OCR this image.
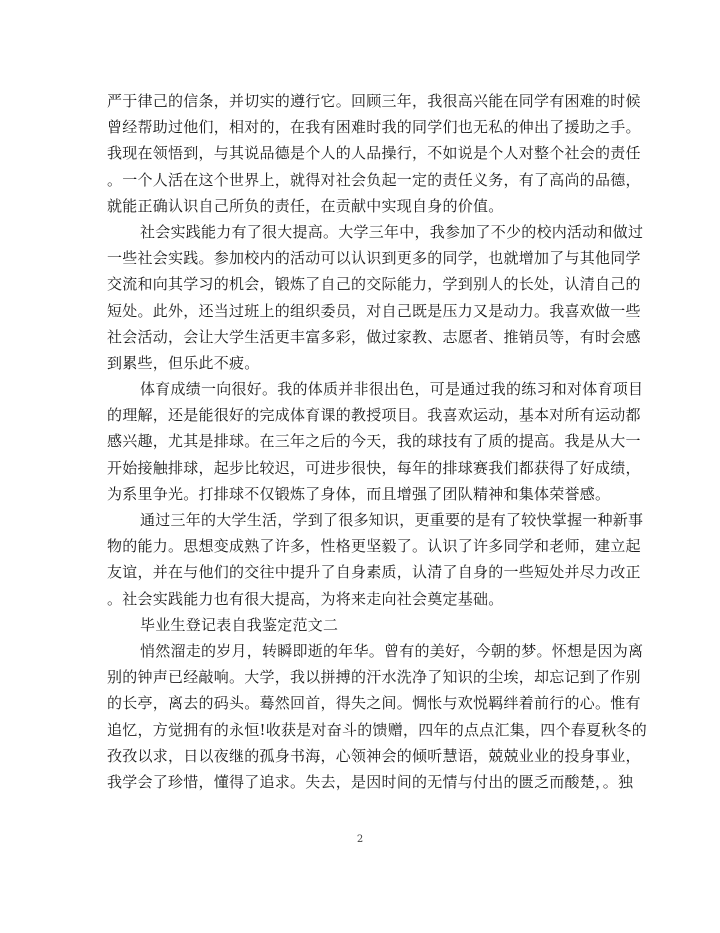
严于律己的信条，并切实的遵行它。回顾三年，我很高兴能在同学有困难的时候
曾经帮助过他们，相对的，在我有困难时我的同学们也无私的伸出了援助之手。
我现在领悟到，与其说品德是个人的人品操行，不如说是个人对整个社会的责任
。一个人活在这个世界上，就得对社会负起一定的责任义务，有了高尚的品德，
就能正确认识自己所负的责任，在贡献中实现自身的价值。
社会实践能力有了很大提高。大学三年中，我参加了不少的校内活动和做过
一些社会实践。参加校内的活动可以认识到更多的同学，也就增加了与其他同学
交流和向其学习的机会，锻炼了自己的交际能力，学到别人的长处，认清自己的
短处。此外，还当过班上的组织委员，对自己既是压力又是动力。我喜欢做一些
社会活动，会让大学生活更丰富多彩，做过家教、志愿者、推销员等，有时会感
到累些，但乐此不疲。
体育成绩一向很好。我的体质并非很出色，可是通过我的练习和对体育项目
的理解，还是能很好的完成体育课的教授项目。我喜欢运动，基本对所有运动都
感兴趣，尤其是排球。在三年之后的今天，我的球技有了质的提高。我是从大一
开始接触排球，起步比较迟，可进步很快，每年的排球赛我们都获得了好成绩，
为系里争光。打排球不仅锻炼了身体，而且增强了团队精神和集体荣誉感。
通过三年的大学生活，学到了很多知识，更重要的是有了较快掌握一种新事
物的能力。思想变成熟了许多，性格更坚毅了。认识了许多同学和老师，建立起
友谊，并在与他们的交往中提升了自身素质，认清了自身的一些短处并尽力改正
。社会实践能力也有很大提高，为将来走向社会奠定基础。
毕业生登记表自我鉴定范文二
悄然溜走的岁月，转瞬即逝的年华。曾有的美好，今朝的梦。怀想是因为离
别的钟声已经敲响。大学，我以拼搏的汗水洗净了知识的尘埃，却忘记到了作别
的长亭，离去的码头。蓦然回首，得失之间。惆怅与欢悦羁绊着前行的心。惟有
追忆，方觉拥有的永恒!收获是对奋斗的馈赠，四年的点点汇集，四个春夏秋冬的
孜孜以求，日以夜继的孤身书海，心领神会的倾听慧语，兢兢业业的投身事业，
我学会了珍惜，懂得了追求。失去，是因时间的无情与付出的匮乏而酸楚，。独
2
